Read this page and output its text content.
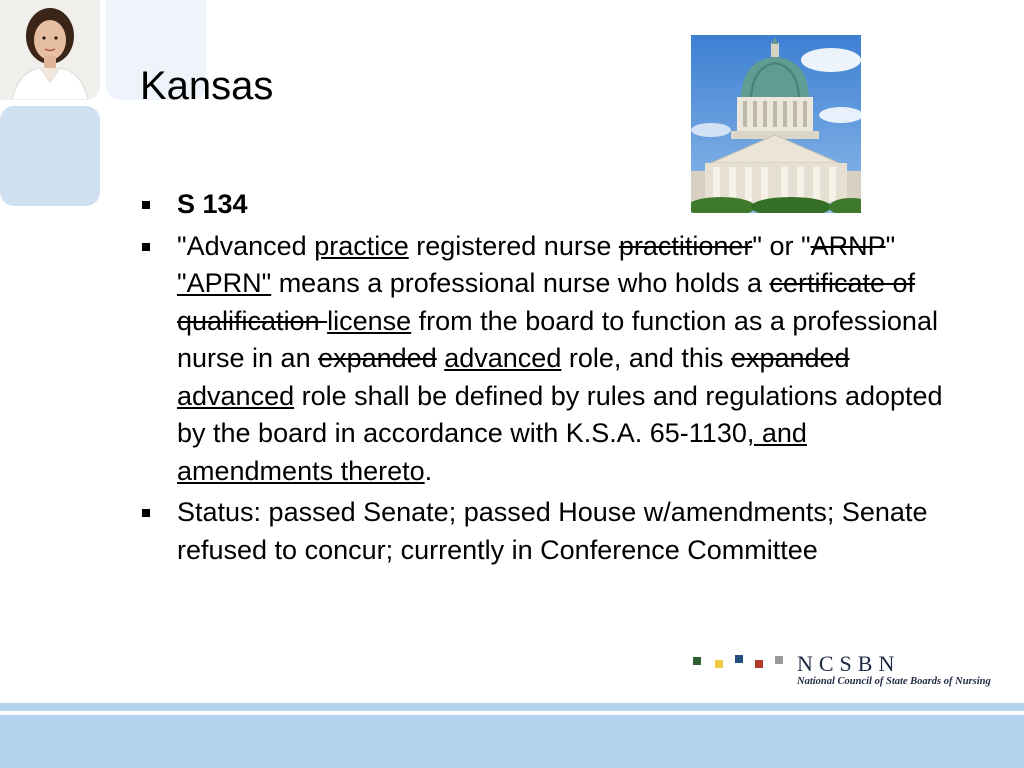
Kansas
S 134
"Advanced practice registered nurse practitioner" or "ARNP" "APRN" means a professional nurse who holds a certificate of qualification license from the board to function as a professional nurse in an expanded advanced role, and this expanded advanced role shall be defined by rules and regulations adopted by the board in accordance with K.S.A. 65-1130, and amendments thereto.
Status: passed Senate; passed House w/amendments; Senate refused to concur; currently in Conference Committee
NCSBN
National Council of State Boards of Nursing
